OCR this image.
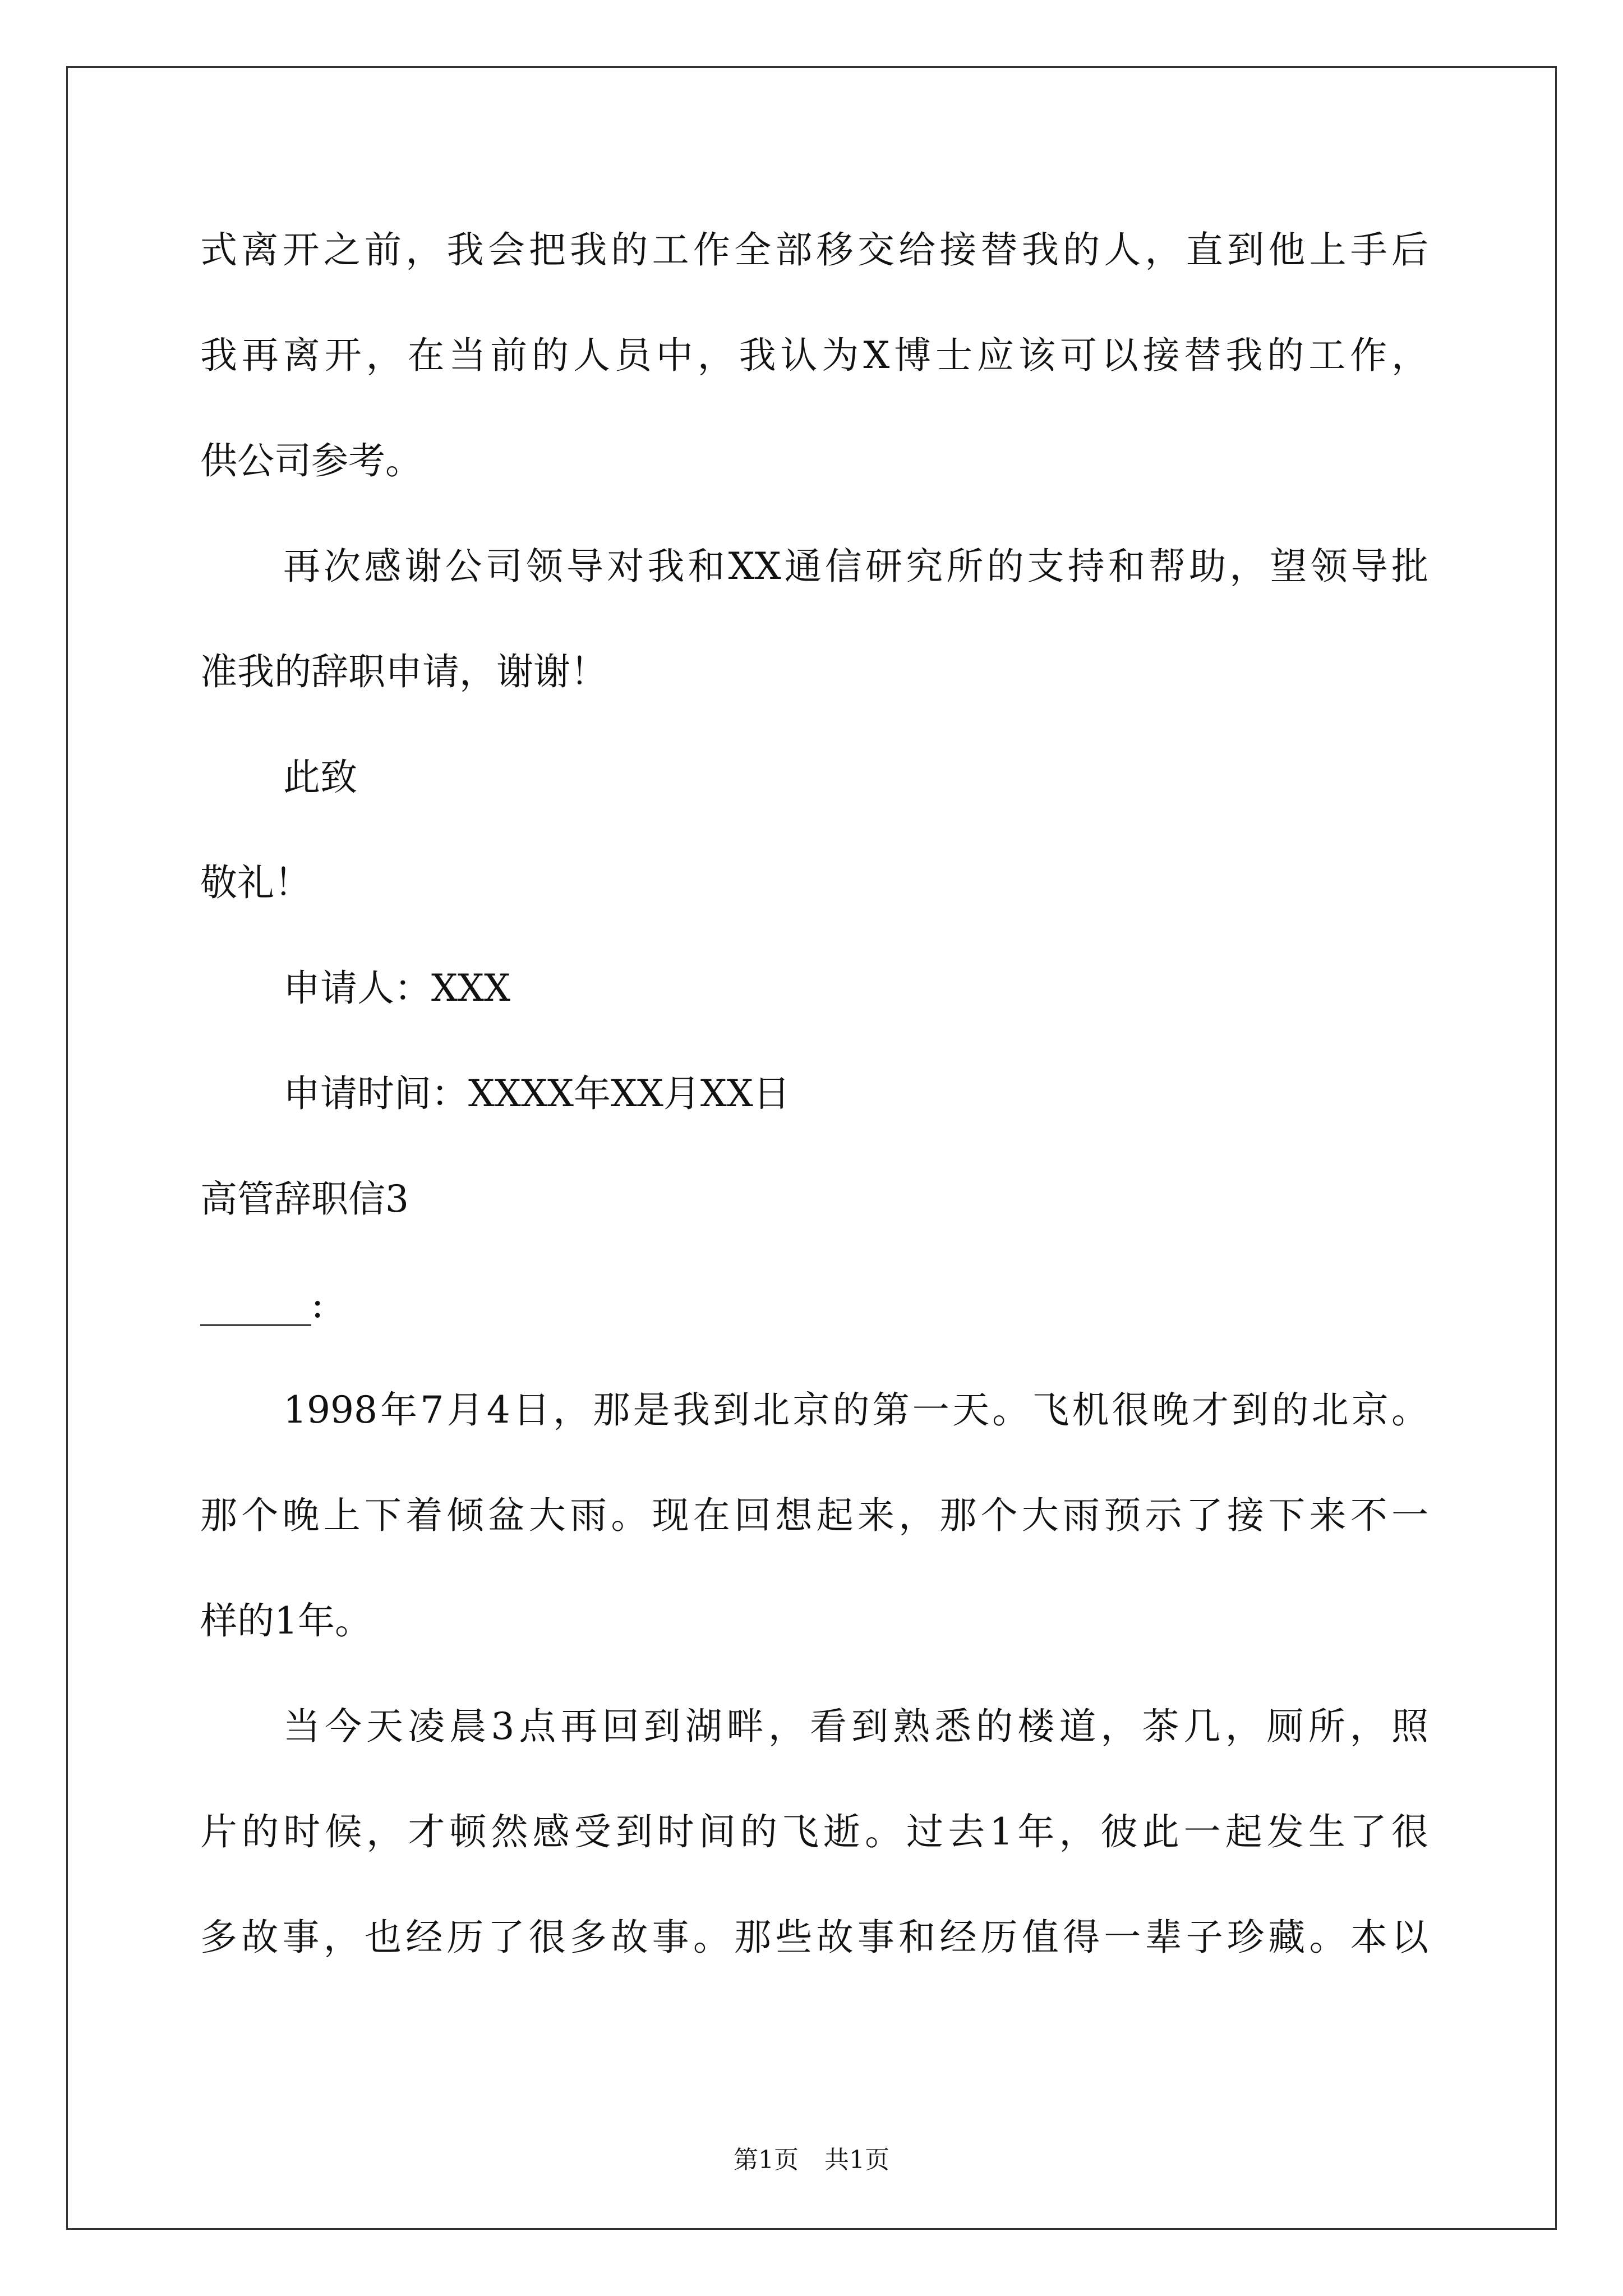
式离开之前，我会把我的工作全部移交给接替我的人，直到他上手后
我再离开，在当前的人员中，我认为X博士应该可以接替我的工作，
供公司参考。
再次感谢公司领导对我和XX通信研究所的支持和帮助，望领导批
准我的辞职申请，谢谢！
此致
敬礼！
申请人：XXX
申请时间：XXXX年XX月XX日
高管辞职信3
______:
1998年7月4日，那是我到北京的第一天。飞机很晚才到的北京。
那个晚上下着倾盆大雨。现在回想起来，那个大雨预示了接下来不一
样的1年。
当今天凌晨3点再回到湖畔，看到熟悉的楼道，茶几，厕所，照
片的时候，才顿然感受到时间的飞逝。过去1年，彼此一起发生了很
多故事，也经历了很多故事。那些故事和经历值得一辈子珍藏。本以
第1页 共1页
